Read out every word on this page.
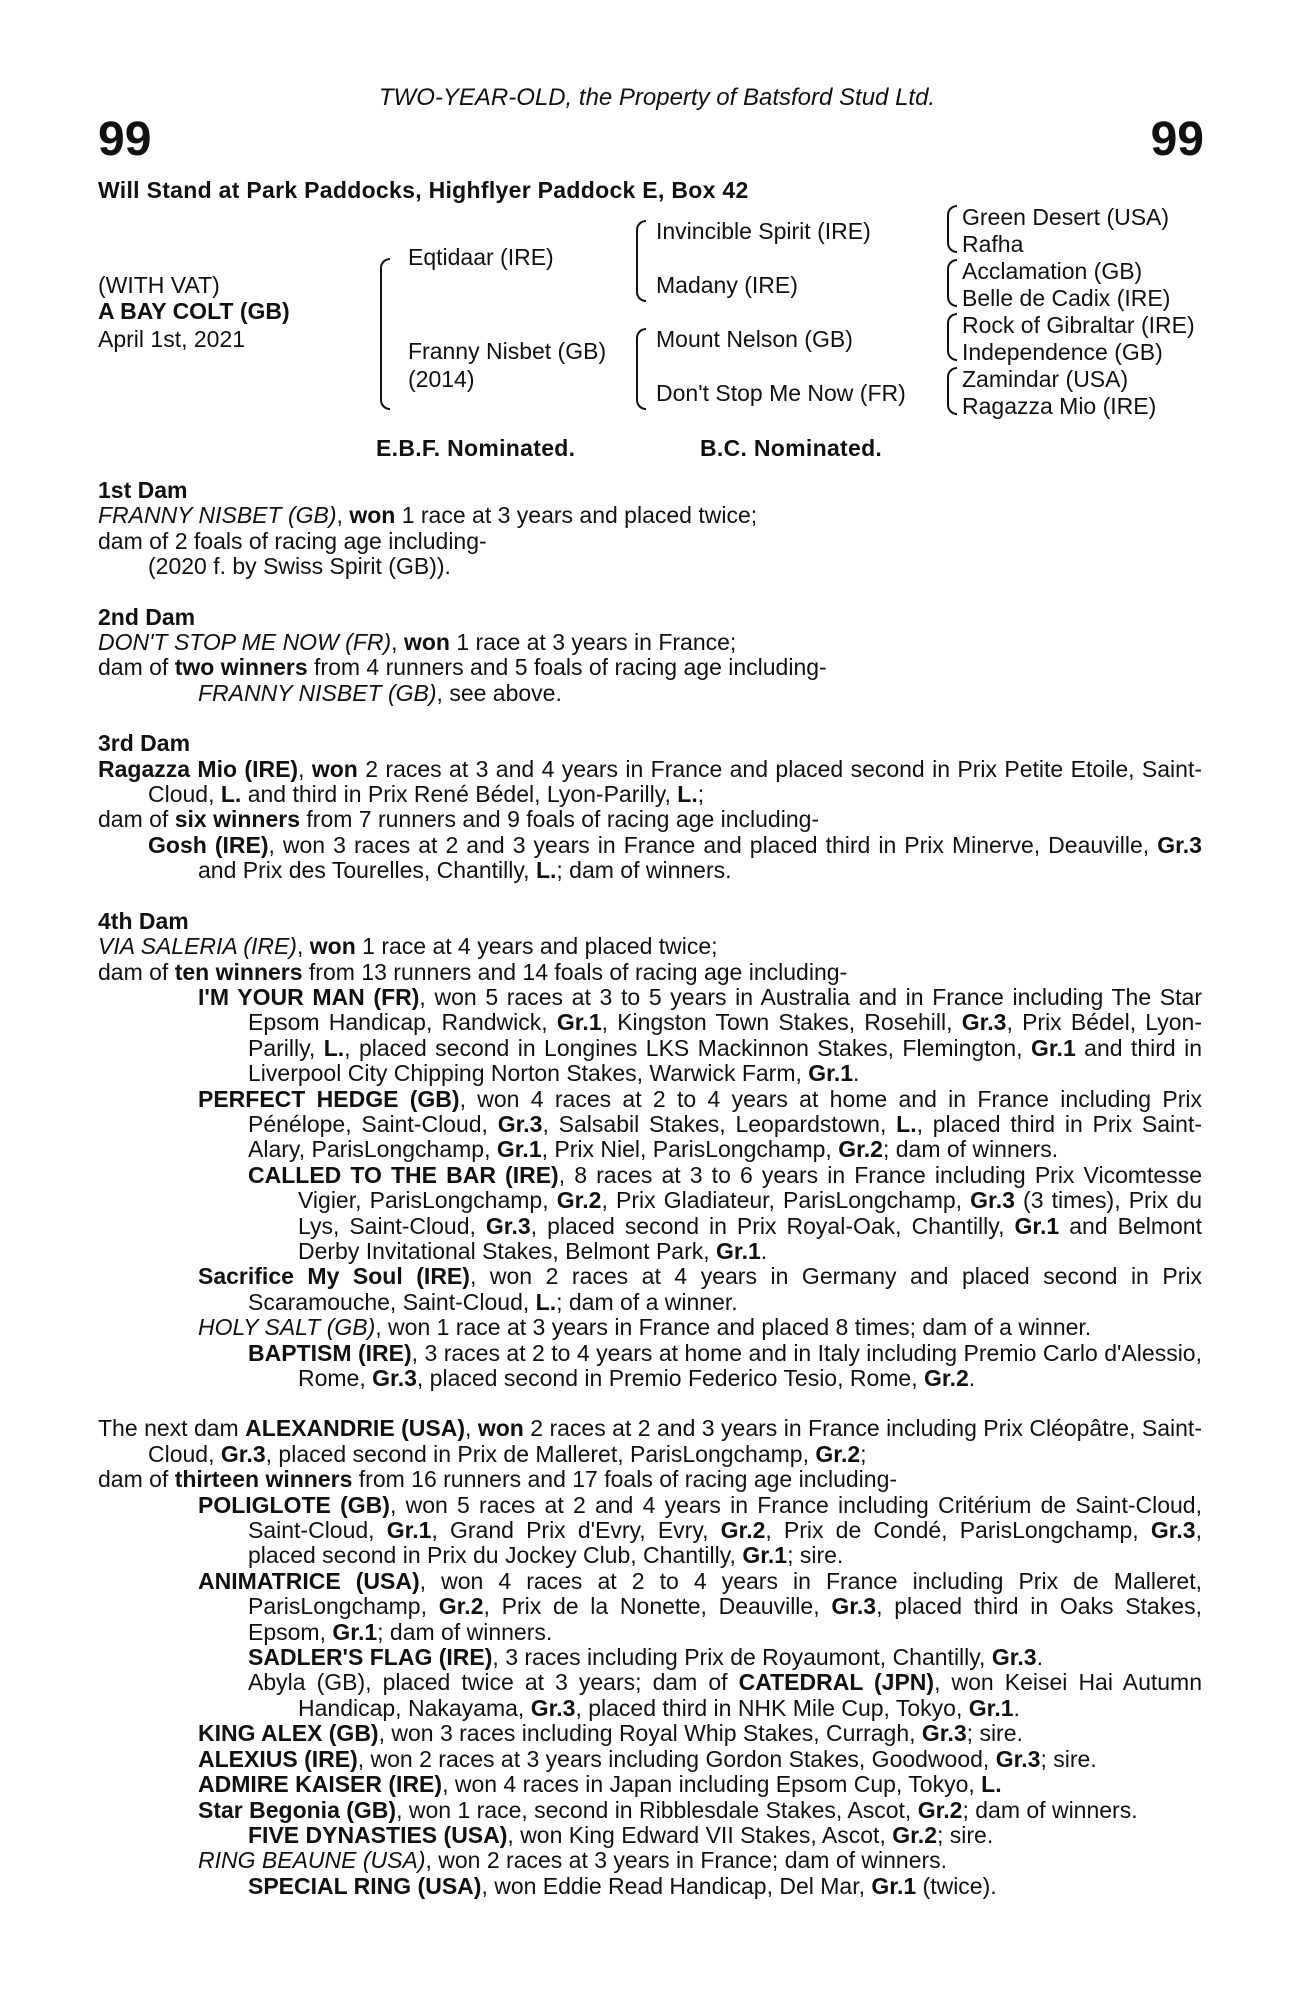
TWO-YEAR-OLD, the Property of Batsford Stud Ltd.
99	99
Will Stand at Park Paddocks, Highflyer Paddock E, Box 42
(WITH VAT)
A BAY COLT (GB)
April 1st, 2021
Eqtidaar (IRE)
Franny Nisbet (GB)
(2014)
Invincible Spirit (IRE)
Madany (IRE)
Mount Nelson (GB)
Don't Stop Me Now (FR)
Green Desert (USA)
Rafha
Acclamation (GB)
Belle de Cadix (IRE)
Rock of Gibraltar (IRE)
Independence (GB)
Zamindar (USA)
Ragazza Mio (IRE)
E.B.F. Nominated.	B.C. Nominated.
1st Dam
FRANNY NISBET (GB), won 1 race at 3 years and placed twice;
dam of 2 foals of racing age including-
(2020 f. by Swiss Spirit (GB)).
2nd Dam
DON'T STOP ME NOW (FR), won 1 race at 3 years in France;
dam of two winners from 4 runners and 5 foals of racing age including-
FRANNY NISBET (GB), see above.
3rd Dam
Ragazza Mio (IRE), won 2 races at 3 and 4 years in France and placed second in Prix Petite Etoile, Saint-Cloud, L. and third in Prix René Bédel, Lyon-Parilly, L.;
dam of six winners from 7 runners and 9 foals of racing age including-
Gosh (IRE), won 3 races at 2 and 3 years in France and placed third in Prix Minerve, Deauville, Gr.3 and Prix des Tourelles, Chantilly, L.; dam of winners.
4th Dam
VIA SALERIA (IRE), won 1 race at 4 years and placed twice;
dam of ten winners from 13 runners and 14 foals of racing age including-
I'M YOUR MAN (FR), won 5 races at 3 to 5 years in Australia and in France including The Star Epsom Handicap, Randwick, Gr.1, Kingston Town Stakes, Rosehill, Gr.3, Prix Bédel, Lyon-Parilly, L., placed second in Longines LKS Mackinnon Stakes, Flemington, Gr.1 and third in Liverpool City Chipping Norton Stakes, Warwick Farm, Gr.1.
PERFECT HEDGE (GB), won 4 races at 2 to 4 years at home and in France including Prix Pénélope, Saint-Cloud, Gr.3, Salsabil Stakes, Leopardstown, L., placed third in Prix Saint-Alary, ParisLongchamp, Gr.1, Prix Niel, ParisLongchamp, Gr.2; dam of winners.
CALLED TO THE BAR (IRE), 8 races at 3 to 6 years in France including Prix Vicomtesse Vigier, ParisLongchamp, Gr.2, Prix Gladiateur, ParisLongchamp, Gr.3 (3 times), Prix du Lys, Saint-Cloud, Gr.3, placed second in Prix Royal-Oak, Chantilly, Gr.1 and Belmont Derby Invitational Stakes, Belmont Park, Gr.1.
Sacrifice My Soul (IRE), won 2 races at 4 years in Germany and placed second in Prix Scaramouche, Saint-Cloud, L.; dam of a winner.
HOLY SALT (GB), won 1 race at 3 years in France and placed 8 times; dam of a winner.
BAPTISM (IRE), 3 races at 2 to 4 years at home and in Italy including Premio Carlo d'Alessio, Rome, Gr.3, placed second in Premio Federico Tesio, Rome, Gr.2.
The next dam ALEXANDRIE (USA), won 2 races at 2 and 3 years in France including Prix Cléopâtre, Saint-Cloud, Gr.3, placed second in Prix de Malleret, ParisLongchamp, Gr.2;
dam of thirteen winners from 16 runners and 17 foals of racing age including-
POLIGLOTE (GB), won 5 races at 2 and 4 years in France including Critérium de Saint-Cloud, Saint-Cloud, Gr.1, Grand Prix d'Evry, Evry, Gr.2, Prix de Condé, ParisLongchamp, Gr.3, placed second in Prix du Jockey Club, Chantilly, Gr.1; sire.
ANIMATRICE (USA), won 4 races at 2 to 4 years in France including Prix de Malleret, ParisLongchamp, Gr.2, Prix de la Nonette, Deauville, Gr.3, placed third in Oaks Stakes, Epsom, Gr.1; dam of winners.
SADLER'S FLAG (IRE), 3 races including Prix de Royaumont, Chantilly, Gr.3.
Abyla (GB), placed twice at 3 years; dam of CATEDRAL (JPN), won Keisei Hai Autumn Handicap, Nakayama, Gr.3, placed third in NHK Mile Cup, Tokyo, Gr.1.
KING ALEX (GB), won 3 races including Royal Whip Stakes, Curragh, Gr.3; sire.
ALEXIUS (IRE), won 2 races at 3 years including Gordon Stakes, Goodwood, Gr.3; sire.
ADMIRE KAISER (IRE), won 4 races in Japan including Epsom Cup, Tokyo, L.
Star Begonia (GB), won 1 race, second in Ribblesdale Stakes, Ascot, Gr.2; dam of winners.
FIVE DYNASTIES (USA), won King Edward VII Stakes, Ascot, Gr.2; sire.
RING BEAUNE (USA), won 2 races at 3 years in France; dam of winners.
SPECIAL RING (USA), won Eddie Read Handicap, Del Mar, Gr.1 (twice).
